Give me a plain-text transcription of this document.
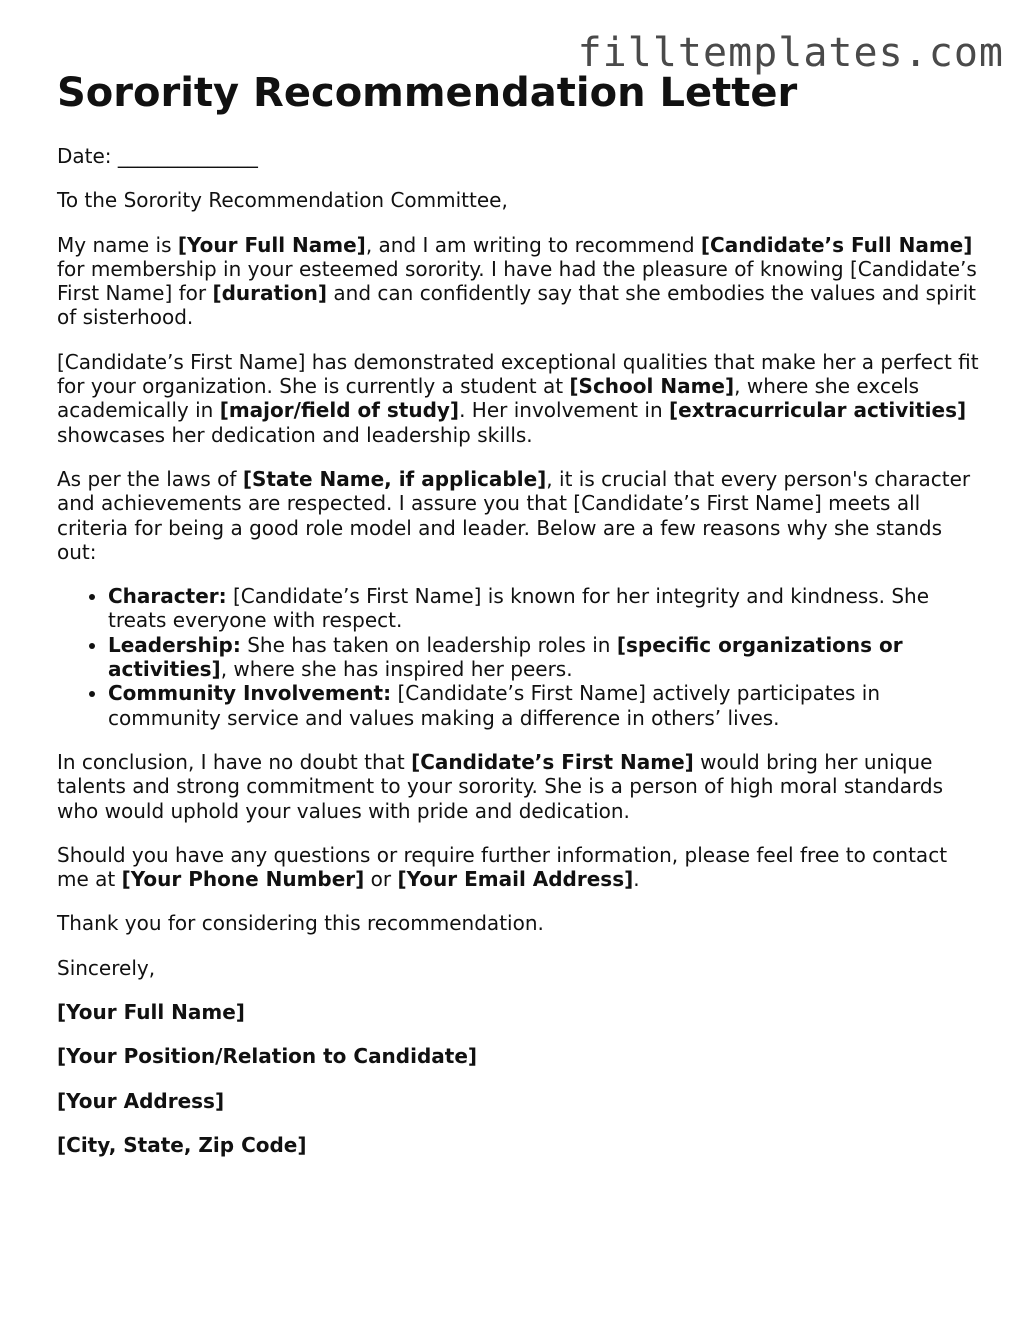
filltemplates.com
Sorority Recommendation Letter

Date: ______________

To the Sorority Recommendation Committee,

My name is [Your Full Name], and I am writing to recommend [Candidate’s Full Name] for membership in your esteemed sorority. I have had the pleasure of knowing [Candidate’s First Name] for [duration] and can confidently say that she embodies the values and spirit of sisterhood.

[Candidate’s First Name] has demonstrated exceptional qualities that make her a perfect fit for your organization. She is currently a student at [School Name], where she excels academically in [major/field of study]. Her involvement in [extracurricular activities] showcases her dedication and leadership skills.

As per the laws of [State Name, if applicable], it is crucial that every person's character and achievements are respected. I assure you that [Candidate’s First Name] meets all criteria for being a good role model and leader. Below are a few reasons why she stands out:

• Character: [Candidate’s First Name] is known for her integrity and kindness. She treats everyone with respect.
• Leadership: She has taken on leadership roles in [specific organizations or activities], where she has inspired her peers.
• Community Involvement: [Candidate’s First Name] actively participates in community service and values making a difference in others’ lives.

In conclusion, I have no doubt that [Candidate’s First Name] would bring her unique talents and strong commitment to your sorority. She is a person of high moral standards who would uphold your values with pride and dedication.

Should you have any questions or require further information, please feel free to contact me at [Your Phone Number] or [Your Email Address].

Thank you for considering this recommendation.

Sincerely,

[Your Full Name]

[Your Position/Relation to Candidate]

[Your Address]

[City, State, Zip Code]
